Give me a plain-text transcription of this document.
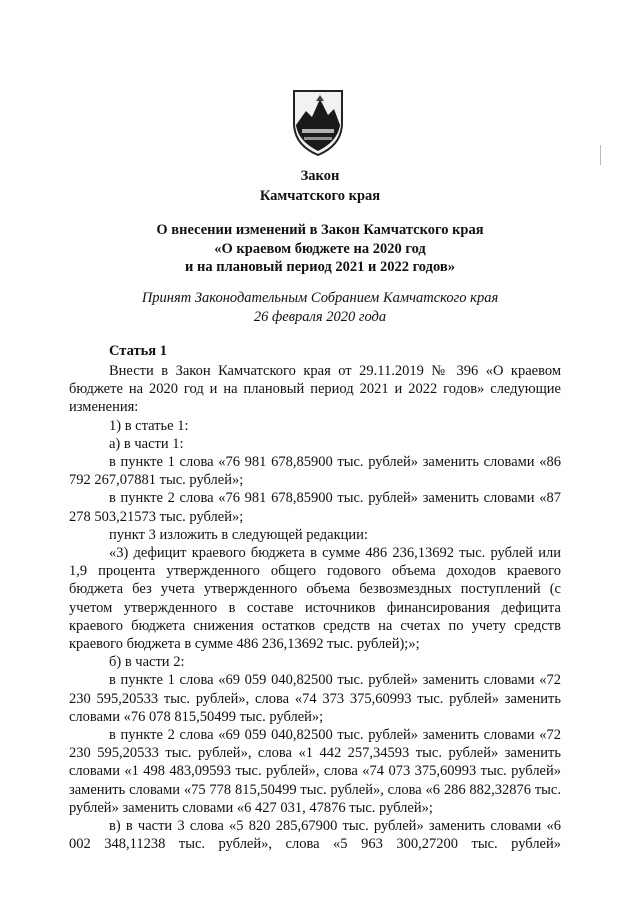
Закон
Камчатского края
О внесении изменений в Закон Камчатского края
«О краевом бюджете на 2020 год
и на плановый период 2021 и 2022 годов»
Принят Законодательным Собранием Камчатского края
26 февраля 2020 года
Статья 1

Внести в Закон Камчатского края от 29.11.2019 № 396 «О краевом бюджете на 2020 год и на плановый период 2021 и 2022 годов» следующие изменения:

1) в статье 1:

а) в части 1:

в пункте 1 слова «76 981 678,85900 тыс. рублей» заменить словами «86 792 267,07881 тыс. рублей»;

в пункте 2 слова «76 981 678,85900 тыс. рублей» заменить словами «87 278 503,21573 тыс. рублей»;

пункт 3 изложить в следующей редакции:

«3) дефицит краевого бюджета в сумме 486 236,13692 тыс. рублей или 1,9 процента утвержденного общего годового объема доходов краевого бюджета без учета утвержденного объема безвозмездных поступлений (с учетом утвержденного в составе источников финансирования дефицита краевого бюджета снижения остатков средств на счетах по учету средств краевого бюджета в сумме 486 236,13692 тыс. рублей);»;

б) в части 2:

в пункте 1 слова «69 059 040,82500 тыс. рублей» заменить словами «72 230 595,20533 тыс. рублей», слова «74 373 375,60993 тыс. рублей» заменить словами «76 078 815,50499 тыс. рублей»;

в пункте 2 слова «69 059 040,82500 тыс. рублей» заменить словами «72 230 595,20533 тыс. рублей», слова «1 442 257,34593 тыс. рублей» заменить словами «1 498 483,09593 тыс. рублей», слова «74 073 375,60993 тыс. рублей» заменить словами «75 778 815,50499 тыс. рублей», слова «6 286 882,32876 тыс. рублей» заменить словами «6 427 031, 47876 тыс. рублей»;

в) в части 3 слова «5 820 285,67900 тыс. рублей» заменить словами «6 002 348,11238 тыс. рублей», слова «5 963 300,27200 тыс. рублей»
